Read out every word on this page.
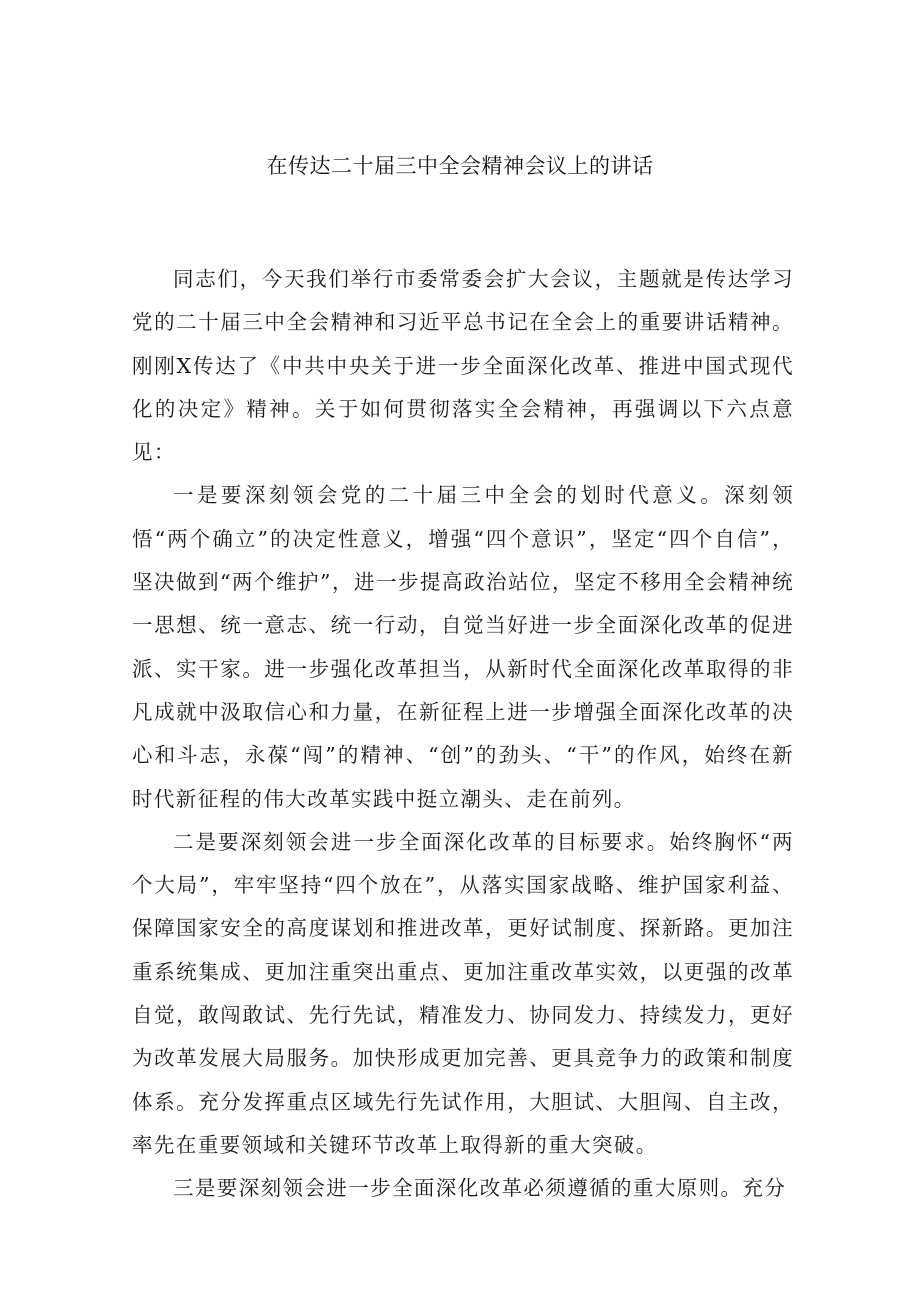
在传达二十届三中全会精神会议上的讲话

同志们，今天我们举行市委常委会扩大会议，主题就是传达学习党的二十届三中全会精神和习近平总书记在全会上的重要讲话精神。刚刚X传达了《中共中央关于进一步全面深化改革、推进中国式现代化的决定》精神。关于如何贯彻落实全会精神，再强调以下六点意见：

一是要深刻领会党的二十届三中全会的划时代意义。深刻领悟“两个确立”的决定性意义，增强“四个意识”，坚定“四个自信”，坚决做到“两个维护”，进一步提高政治站位，坚定不移用全会精神统一思想、统一意志、统一行动，自觉当好进一步全面深化改革的促进派、实干家。进一步强化改革担当，从新时代全面深化改革取得的非凡成就中汲取信心和力量，在新征程上进一步增强全面深化改革的决心和斗志，永葆“闯”的精神、“创”的劲头、“干”的作风，始终在新时代新征程的伟大改革实践中挺立潮头、走在前列。

二是要深刻领会进一步全面深化改革的目标要求。始终胸怀“两个大局”，牢牢坚持“四个放在”，从落实国家战略、维护国家利益、保障国家安全的高度谋划和推进改革，更好试制度、探新路。更加注重系统集成、更加注重突出重点、更加注重改革实效，以更强的改革自觉，敢闯敢试、先行先试，精准发力、协同发力、持续发力，更好为改革发展大局服务。加快形成更加完善、更具竞争力的政策和制度体系。充分发挥重点区域先行先试作用，大胆试、大胆闯、自主改，率先在重要领域和关键环节改革上取得新的重大突破。

三是要深刻领会进一步全面深化改革必须遵循的重大原则。充分
